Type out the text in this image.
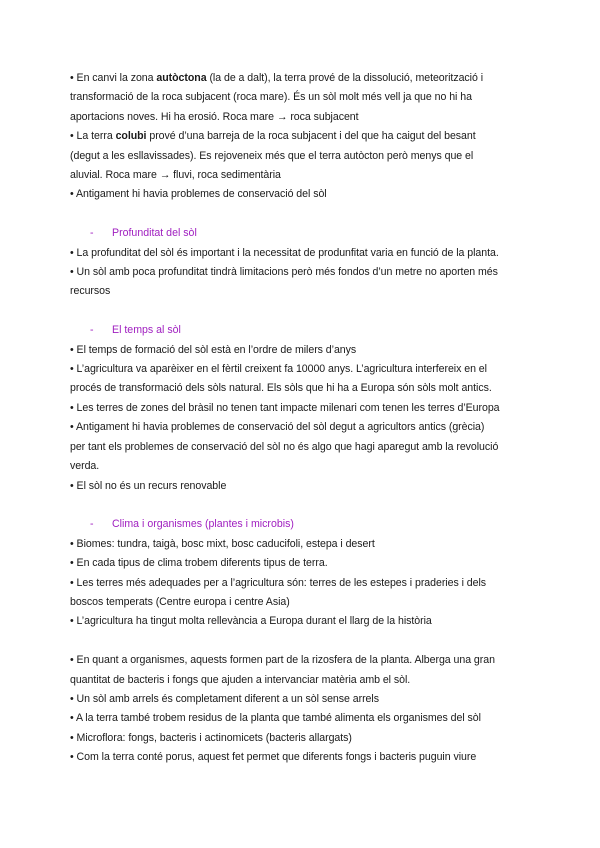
• En canvi la zona autòctona (la de a dalt), la terra prové de la dissolució, meteorització i
transformació de la roca subjacent (roca mare). És un sòl molt més vell ja que no hi ha
aportacions noves. Hi ha erosió. Roca mare → roca subjacent
• La terra colubi prové d’una barreja de la roca subjacent i del que ha caigut del besant
(degut a les esllavissades). Es rejoveneix més que el terra autòcton però menys que el
aluvial. Roca mare → fluvi, roca sedimentària
• Antigament hi havia problemes de conservació del sòl
- Profunditat del sòl
• La profunditat del sòl és important i la necessitat de produnfitat varia en funció de la planta.
• Un sòl amb poca profunditat tindrà limitacions però més fondos d’un metre no aporten més
recursos
- El temps al sòl
• El temps de formació del sòl està en l’ordre de milers d’anys
• L’agricultura va aparèixer en el fèrtil creixent fa 10000 anys. L’agricultura interfereix en el
procés de transformació dels sòls natural. Els sòls que hi ha a Europa són sòls molt antics.
• Les terres de zones del bràsil no tenen tant impacte milenari com tenen les terres d’Europa
• Antigament hi havia problemes de conservació del sòl degut a agricultors antics (grècia)
per tant els problemes de conservació del sòl no és algo que hagi aparegut amb la revolució
verda.
• El sòl no és un recurs renovable
- Clima i organismes (plantes i microbis)
• Biomes: tundra, taigà, bosc mixt, bosc caducifoli, estepa i desert
• En cada tipus de clima trobem diferents tipus de terra.
• Les terres més adequades per a l’agricultura són: terres de les estepes i praderies i dels
boscos temperats (Centre europa i centre Asia)
• L’agricultura ha tingut molta rellevància a Europa durant el llarg de la història
• En quant a organismes, aquests formen part de la rizosfera de la planta. Alberga una gran
quantitat de bacteris i fongs que ajuden a intervanciar matèria amb el sòl.
• Un sòl amb arrels és completament diferent a un sòl sense arrels
• A la terra també trobem residus de la planta que també alimenta els organismes del sòl
• Microflora: fongs, bacteris i actinomicets (bacteris allargats)
• Com la terra conté porus, aquest fet permet que diferents fongs i bacteris puguin viure
